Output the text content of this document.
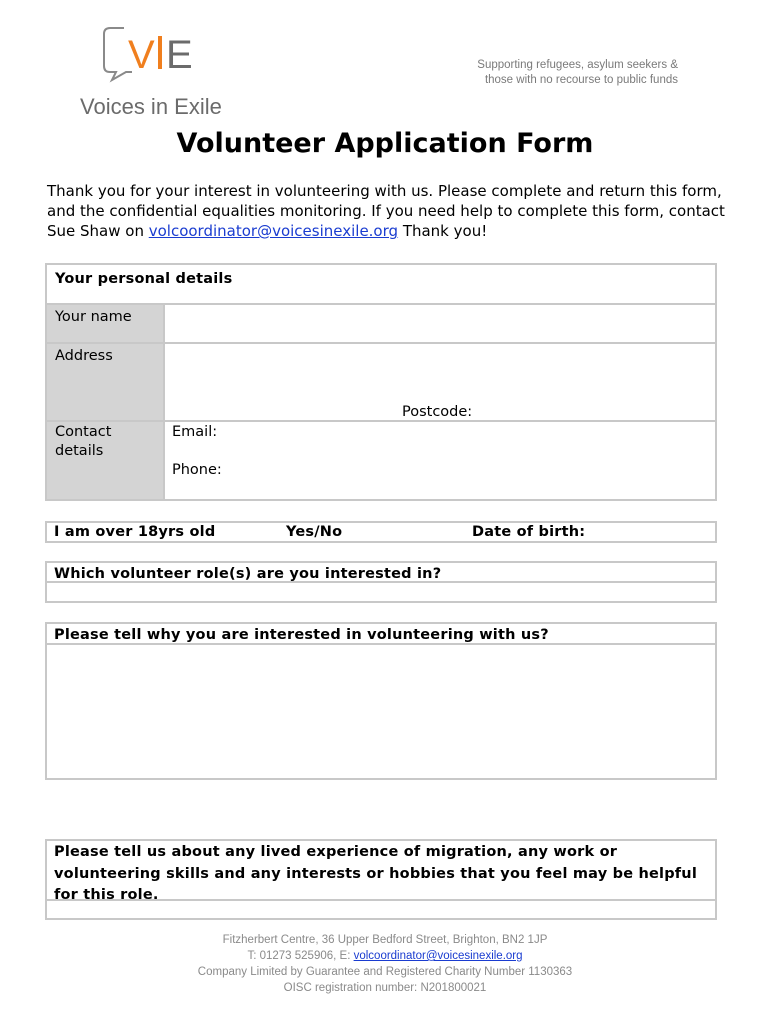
V E
Voices in Exile
Supporting refugees, asylum seekers &
those with no recourse to public funds
Volunteer Application Form
Thank you for your interest in volunteering with us. Please complete and return this form, and the confidential equalities monitoring. If you need help to complete this form, contact Sue Shaw on volcoordinator@voicesinexile.org Thank you!
Your personal details
Your name
Address
Postcode:
Contact details
Email:
Phone:
I am over 18yrs old	Yes/No	Date of birth:
Which volunteer role(s) are you interested in?
Please tell why you are interested in volunteering with us?
Please tell us about any lived experience of migration, any work or volunteering skills and any interests or hobbies that you feel may be helpful for this role.
Fitzherbert Centre, 36 Upper Bedford Street, Brighton, BN2 1JP
T: 01273 525906, E: volcoordinator@voicesinexile.org
Company Limited by Guarantee and Registered Charity Number 1130363
OISC registration number: N201800021
